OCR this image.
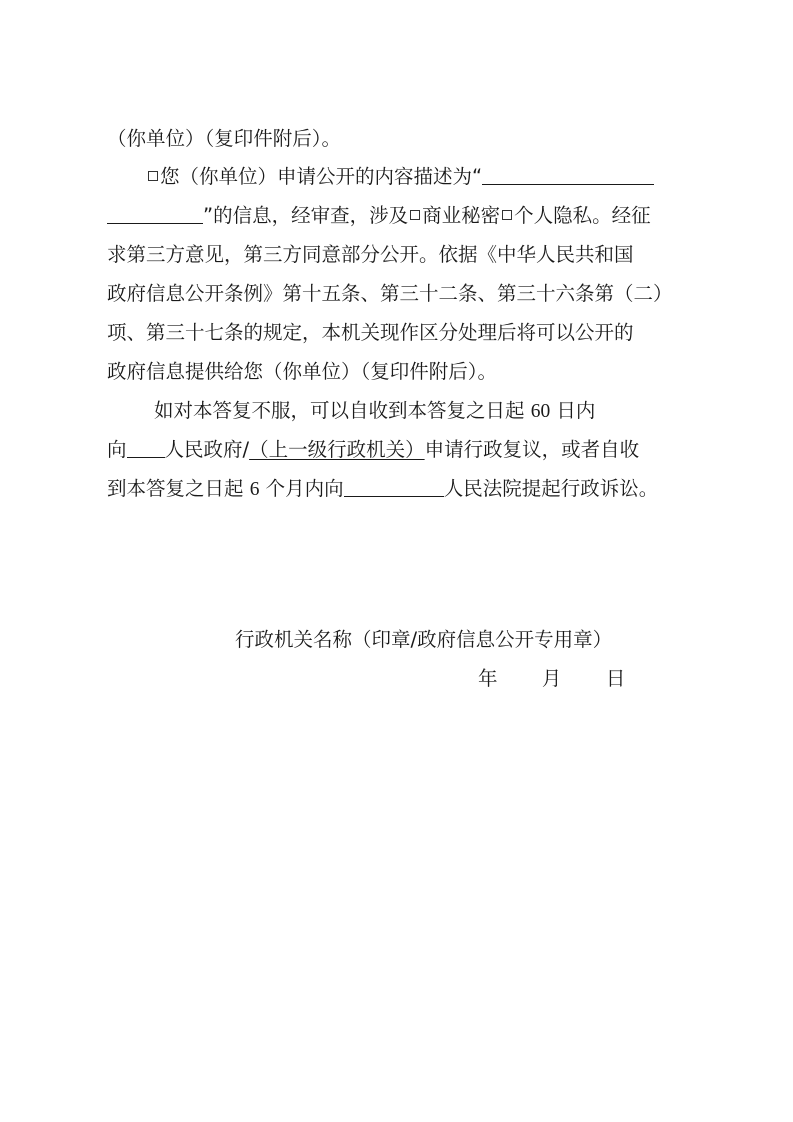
（你单位）（复印件附后）。
您（你单位）申请公开的内容描述为“
”的信息，经审查，涉及 商业秘密 个人隐私。经征
求第三方意见，第三方同意部分公开。依据《中华人民共和国
政府信息公开条例》第十五条、第三十二条、第三十六条第（二）
项、第三十七条的规定，本机关现作区分处理后将可以公开的
政府信息提供给您（你单位）（复印件附后）。
如对本答复不服，可以自收到本答复之日起 60 日内
向 人民政府/（上一级行政机关）申请行政复议，或者自收
到本答复之日起 6 个月内向	人民法院提起行政诉讼。
行政机关名称（印章/政府信息公开专用章）
年 月 日
